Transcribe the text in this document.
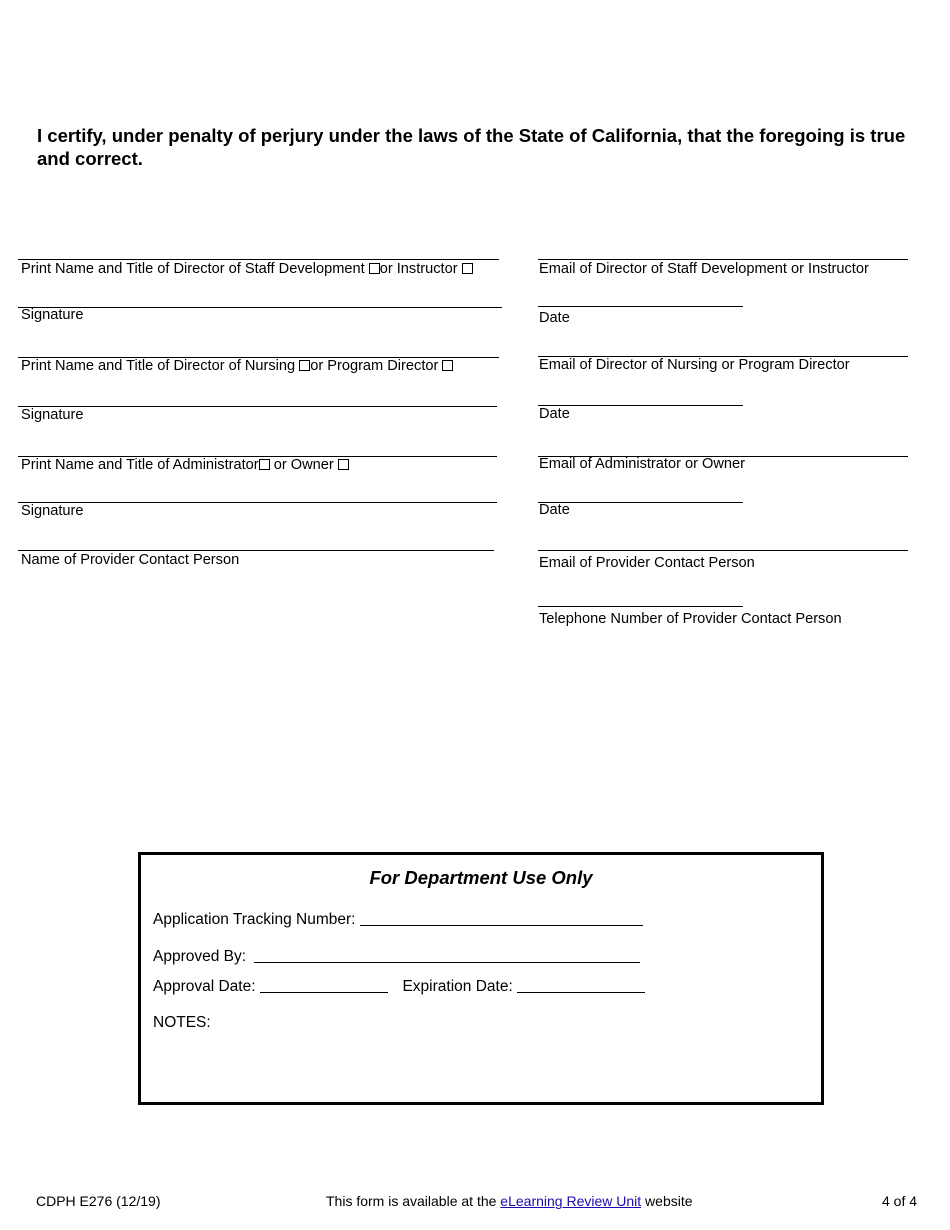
I certify, under penalty of perjury under the laws of the State of California, that the foregoing is true and correct.
Print Name and Title of Director of Staff Development or Instructor
Signature
Print Name and Title of Director of Nursing or Program Director
Signature
Print Name and Title of Administrator or Owner
Signature
Name of Provider Contact Person
Email of Director of Staff Development or Instructor
Date
Email of Director of Nursing or Program Director
Date
Email of Administrator or Owner
Date
Email of Provider Contact Person
Telephone Number of Provider Contact Person
For Department Use Only
Application Tracking Number:
Approved By:
Approval Date:	Expiration Date:
NOTES:
CDPH E276 (12/19)	This form is available at the eLearning Review Unit website	4 of 4
